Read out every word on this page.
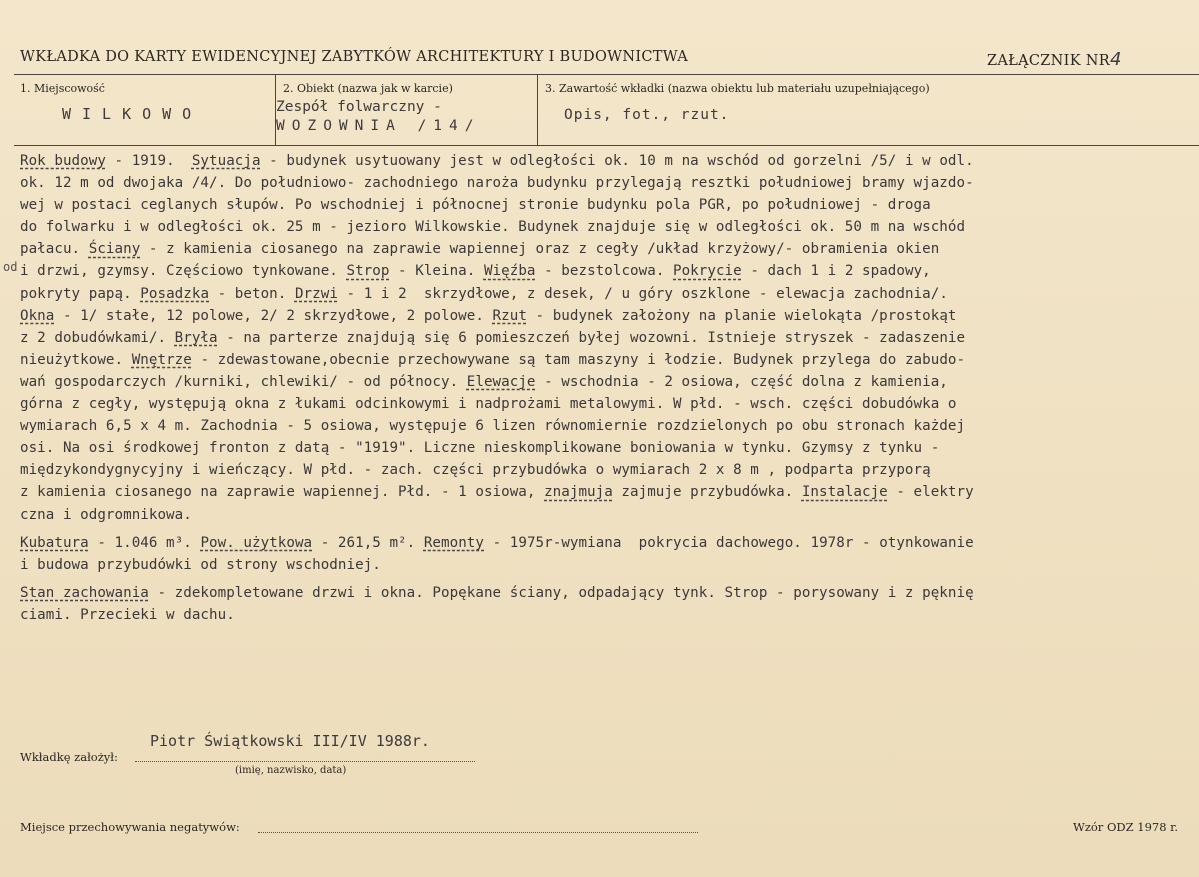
WKŁADKA DO KARTY EWIDENCYJNEJ ZABYTKÓW ARCHITEKTURY I BUDOWNICTWA	ZAŁĄCZNIK NR4
1. Miejscowość
WILKOWO
2. Obiekt (nazwa jak w karcie)
Zespół folwarczny -
WOZOWNIA /14/
3. Zawartość wkładki (nazwa obiektu lub materiału uzupełniającego)
Opis, fot., rzut.
od
Rok budowy - 1919.  Sytuacja - budynek usytuowany jest w odległości ok. 10 m na wschód od gorzelni /5/ i w odl.
ok. 12 m od dwojaka /4/. Do południowo- zachodniego naroża budynku przylegają resztki południowej bramy wjazdo-
wej w postaci ceglanych słupów. Po wschodniej i północnej stronie budynku pola PGR, po południowej - droga
do folwarku i w odległości ok. 25 m - jezioro Wilkowskie. Budynek znajduje się w odległości ok. 50 m na wschód
pałacu. Ściany - z kamienia ciosanego na zaprawie wapiennej oraz z cegły /układ krzyżowy/- obramienia okien
i drzwi, gzymsy. Częściowo tynkowane. Strop - Kleina. Więźba - bezstolcowa. Pokrycie - dach 1 i 2 spadowy,
pokryty papą. Posadzka - beton. Drzwi - 1 i 2  skrzydłowe, z desek, / u góry oszklone - elewacja zachodnia/.
Okna - 1/ stałe, 12 polowe, 2/ 2 skrzydłowe, 2 polowe. Rzut - budynek założony na planie wielokąta /prostokąt
z 2 dobudówkami/. Bryła - na parterze znajdują się 6 pomieszczeń byłej wozowni. Istnieje stryszek - zadaszenie
nieużytkowe. Wnętrze - zdewastowane,obecnie przechowywane są tam maszyny i łodzie. Budynek przylega do zabudo-
wań gospodarczych /kurniki, chlewiki/ - od północy. Elewacje - wschodnia - 2 osiowa, część dolna z kamienia,
górna z cegły, występują okna z łukami odcinkowymi i nadprożami metalowymi. W płd. - wsch. części dobudówka o
wymiarach 6,5 x 4 m. Zachodnia - 5 osiowa, występuje 6 lizen równomiernie rozdzielonych po obu stronach każdej
osi. Na osi środkowej fronton z datą - "1919". Liczne nieskomplikowane boniowania w tynku. Gzymsy z tynku -
międzykondygnycyjny i wieńczący. W płd. - zach. części przybudówka o wymiarach 2 x 8 m , podparta przyporą
z kamienia ciosanego na zaprawie wapiennej. Płd. - 1 osiowa, znajmuja zajmuje przybudówka. Instalacje - elektry
czna i odgromnikowa.
Kubatura - 1.046 m³. Pow. użytkowa - 261,5 m². Remonty - 1975r-wymiana  pokrycia dachowego. 1978r - otynkowanie
i budowa przybudówki od strony wschodniej.
Stan zachowania - zdekompletowane drzwi i okna. Popękane ściany, odpadający tynk. Strop - porysowany i z pęknię
ciami. Przecieki w dachu.
Piotr Świątkowski III/IV 1988r.
Wkładkę założył:
(imię, nazwisko, data)
Miejsce przechowywania negatywów:	Wzór ODZ 1978 r.
